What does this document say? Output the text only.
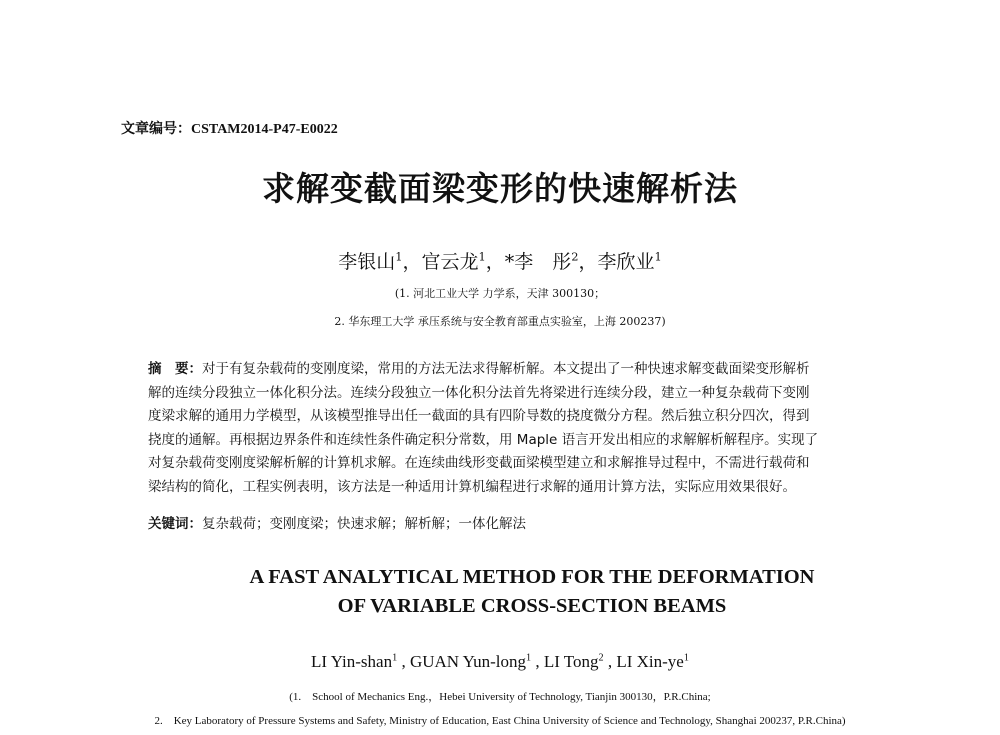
文章编号：CSTAM2014-P47-E0022
求解变截面梁变形的快速解析法
李银山$^1$，官云龙$^1$，*李　彤$^2$，李欣业$^1$
(1. 河北工业大学 力学系，天津 300130；
2. 华东理工大学 承压系统与安全教育部重点实验室，上海 200237)
摘　要：对于有复杂载荷的变刚度梁，常用的方法无法求得解析解。本文提出了一种快速求解变截面梁变形解析
解的连续分段独立一体化积分法。连续分段独立一体化积分法首先将梁进行连续分段，建立一种复杂载荷下变刚
度梁求解的通用力学模型，从该模型推导出任一截面的具有四阶导数的挠度微分方程。然后独立积分四次，得到
挠度的通解。再根据边界条件和连续性条件确定积分常数，用 Maple 语言开发出相应的求解解析解程序。实现了
对复杂载荷变刚度梁解析解的计算机求解。在连续曲线形变截面梁模型建立和求解推导过程中，不需进行载荷和
梁结构的简化，工程实例表明，该方法是一种适用计算机编程进行求解的通用计算方法，实际应用效果很好。
关键词：复杂载荷；变刚度梁；快速求解；解析解；一体化解法
A FAST ANALYTICAL METHOD FOR THE DEFORMATION
OF VARIABLE CROSS-SECTION BEAMS
LI Yin-shan$^1$ , GUAN Yun-long$^1$ , LI Tong$^2$ , LI Xin-$ye^1$
(1.　School of Mechanics Eng.，Hebei University of Technology, Tianjin 300130，P.R.China;
2.　Key Laboratory of Pressure Systems and Safety, Ministry of Education, East China University of Science and Technology, Shanghai 200237, P.R.China)
